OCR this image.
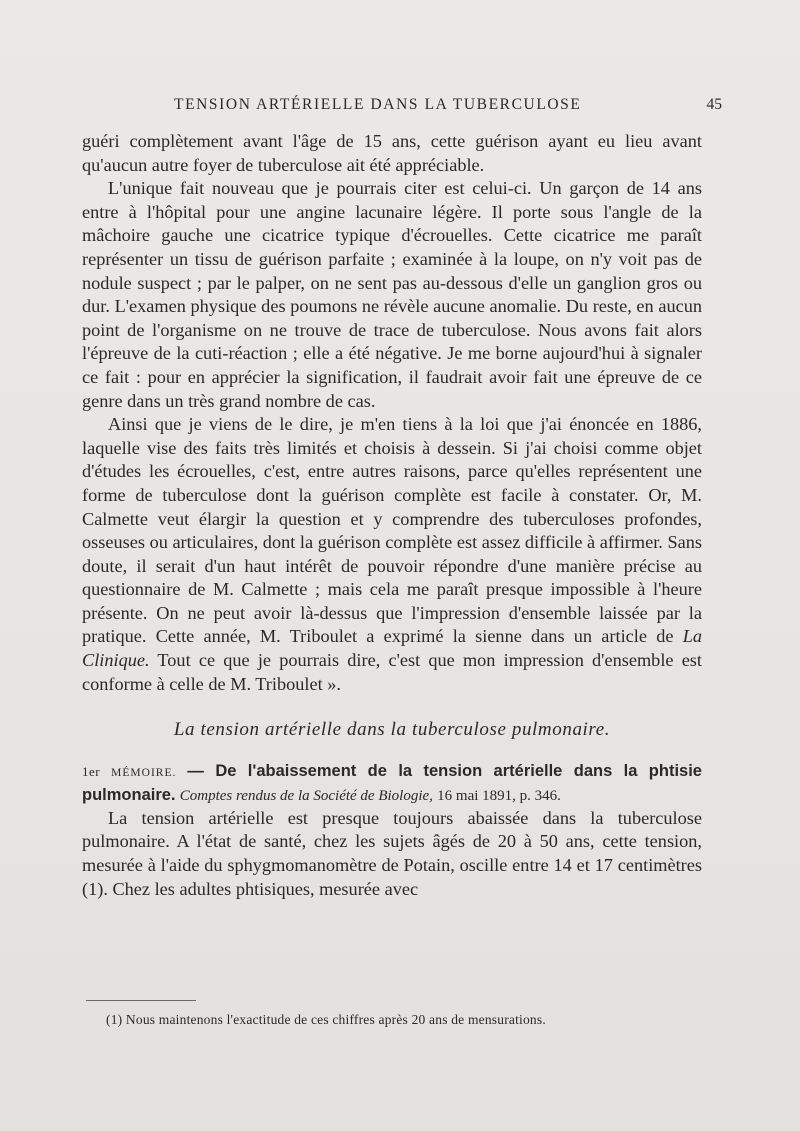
TENSION ARTÉRIELLE DANS LA TUBERCULOSE	45

guéri complètement avant l'âge de 15 ans, cette guérison ayant eu lieu avant qu'aucun autre foyer de tuberculose ait été appréciable.

L'unique fait nouveau que je pourrais citer est celui-ci. Un garçon de 14 ans entre à l'hôpital pour une angine lacunaire légère. Il porte sous l'angle de la mâchoire gauche une cicatrice typique d'écrouelles. Cette cicatrice me paraît représenter un tissu de guérison parfaite ; examinée à la loupe, on n'y voit pas de nodule suspect ; par le palper, on ne sent pas au-dessous d'elle un ganglion gros ou dur. L'examen physique des poumons ne révèle aucune anomalie. Du reste, en aucun point de l'organisme on ne trouve de trace de tuberculose. Nous avons fait alors l'épreuve de la cuti-réaction ; elle a été négative. Je me borne aujourd'hui à signaler ce fait : pour en apprécier la signification, il faudrait avoir fait une épreuve de ce genre dans un très grand nombre de cas.

Ainsi que je viens de le dire, je m'en tiens à la loi que j'ai énoncée en 1886, laquelle vise des faits très limités et choisis à dessein. Si j'ai choisi comme objet d'études les écrouelles, c'est, entre autres raisons, parce qu'elles représentent une forme de tuberculose dont la guérison complète est facile à constater. Or, M. Calmette veut élargir la question et y comprendre des tuberculoses profondes, osseuses ou articulaires, dont la guérison complète est assez difficile à affirmer. Sans doute, il serait d'un haut intérêt de pouvoir répondre d'une manière précise au questionnaire de M. Calmette ; mais cela me paraît presque impossible à l'heure présente. On ne peut avoir là-dessus que l'impression d'ensemble laissée par la pratique. Cette année, M. Triboulet a exprimé la sienne dans un article de La Clinique. Tout ce que je pourrais dire, c'est que mon impression d'ensemble est conforme à celle de M. Triboulet ».

La tension artérielle dans la tuberculose pulmonaire.

1er MÉMOIRE. — De l'abaissement de la tension artérielle dans la phtisie pulmonaire. Comptes rendus de la Société de Biologie, 16 mai 1891, p. 346.

La tension artérielle est presque toujours abaissée dans la tuberculose pulmonaire. A l'état de santé, chez les sujets âgés de 20 à 50 ans, cette tension, mesurée à l'aide du sphygmomanomètre de Potain, oscille entre 14 et 17 centimètres (1). Chez les adultes phtisiques, mesurée avec

(1) Nous maintenons l'exactitude de ces chiffres après 20 ans de mensurations.
